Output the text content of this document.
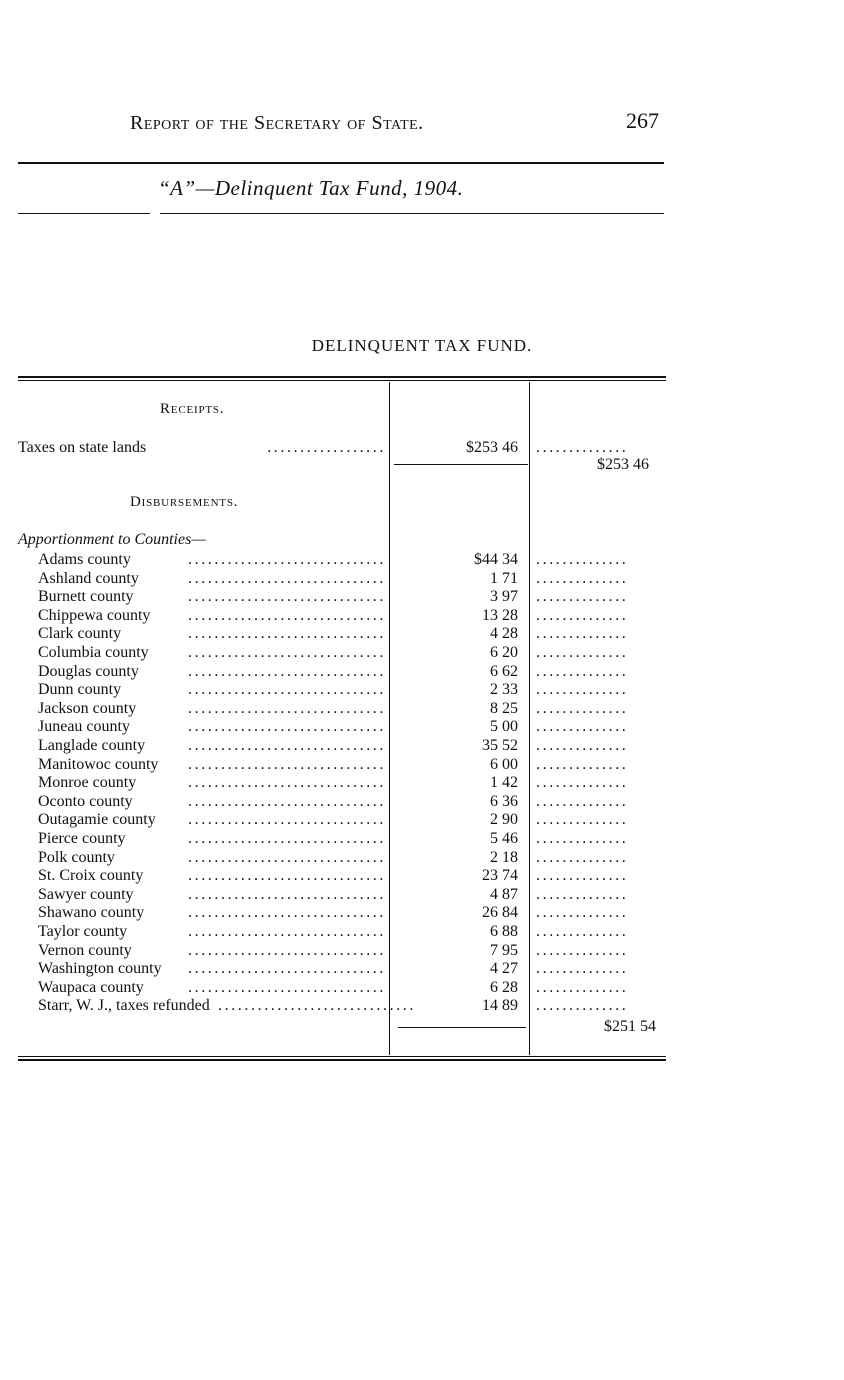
Report of the Secretary of State.	267
“A”—Delinquent Tax Fund, 1904.
DELINQUENT TAX FUND.
Receipts.
Taxes on state lands	..................	$253 46 ..............
$253 46
Disbursements.
Apportionment to Counties—
Adams county	..............................	$44 34 ..............
Ashland county	..............................	1 71 ..............
Burnett county	..............................	3 97 ..............
Chippewa county	..............................	13 28 ..............
Clark county	..............................	4 28 ..............
Columbia county	..............................	6 20 ..............
Douglas county	..............................	6 62 ..............
Dunn county	..............................	2 33 ..............
Jackson county	..............................	8 25 ..............
Juneau county	..............................	5 00 ..............
Langlade county	..............................	35 52 ..............
Manitowoc county	..............................	6 00 ..............
Monroe county	..............................	1 42 ..............
Oconto county	..............................	6 36 ..............
Outagamie county	..............................	2 90 ..............
Pierce county	..............................	5 46 ..............
Polk county	..............................	2 18 ..............
St. Croix county	..............................	23 74 ..............
Sawyer county	..............................	4 87 ..............
Shawano county	..............................	26 84 ..............
Taylor county	..............................	6 88 ..............
Vernon county	..............................	7 95 ..............
Washington county	..............................	4 27 ..............
Waupaca county	..............................	6 28 ..............
Starr, W. J., taxes refunded ..............................	14 89 ..............
$251 54
